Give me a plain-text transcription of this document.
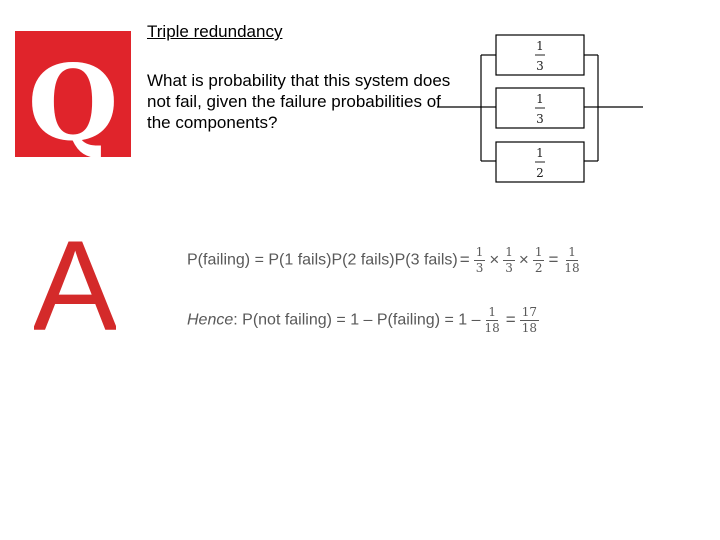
Q
Triple redundancy
What is probability that this system does not fail, given the failure probabilities of the components?
1
3
1
3
1
2
A	P(failing) = P(1 fails)P(2 fails)P(3 fails) = $\frac{1}{3} \times \frac{1}{3} \times \frac{1}{2} = \frac{1}{18}$
Hence: P(not failing) = 1 – P(failing) = $1 - \frac{1}{18} = \frac{17}{18}$
